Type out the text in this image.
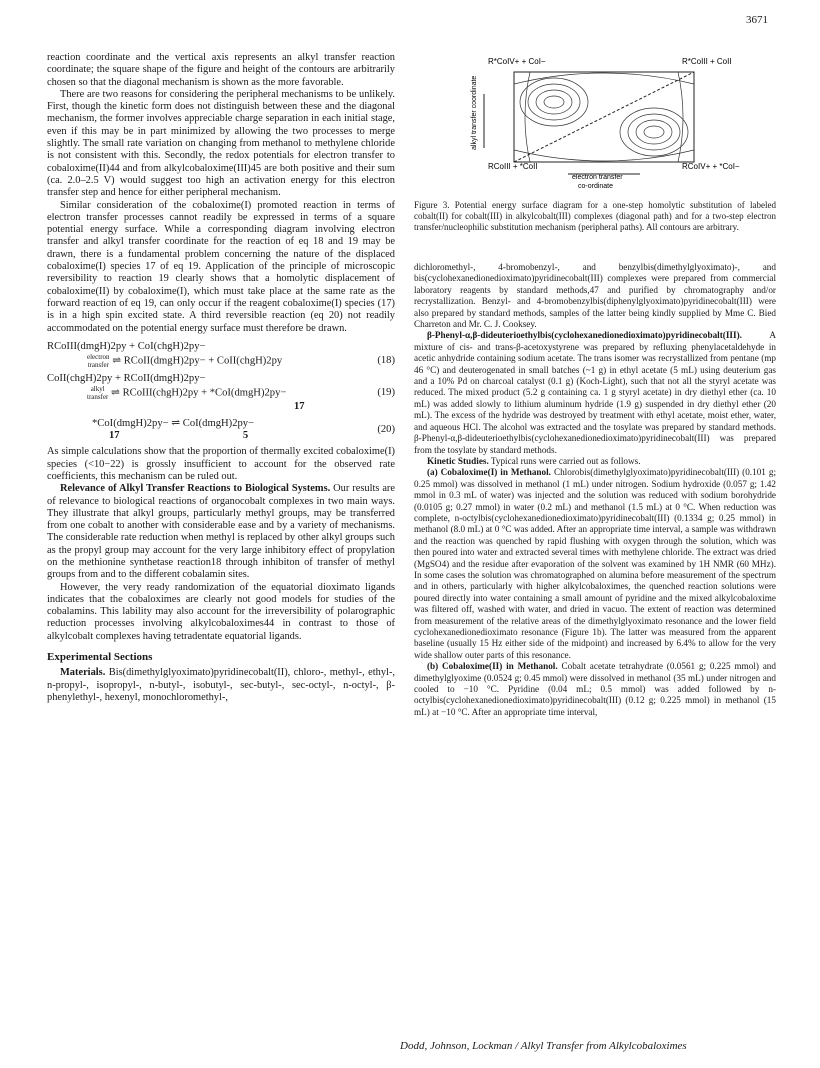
3671

reaction coordinate and the vertical axis represents an alkyl transfer reaction coordinate; the square shape of the figure and height of the contours are arbitrarily chosen so that the diagonal mechanism is shown as the more favorable.

There are two reasons for considering the peripheral mechanisms to be unlikely. First, though the kinetic form does not distinguish between these and the diagonal mechanism, the former involves appreciable charge separation in each initial stage, even if this may be in part minimized by allowing the two processes to merge slightly. The small rate variation on changing from methanol to methylene chloride is not consistent with this. Secondly, the redox potentials for electron transfer to cobaloxime(II)44 and from alkylcobaloxime(III)45 are both positive and their sum (ca. 2.0–2.5 V) would suggest too high an activation energy for this electron transfer step and hence for either peripheral mechanism.

Similar consideration of the cobaloxime(I) promoted reaction in terms of electron transfer processes cannot readily be expressed in terms of a square potential energy surface. While a corresponding diagram involving electron transfer and alkyl transfer coordinate for the reaction of eq 18 and 19 may be drawn, there is a fundamental problem concerning the nature of the displaced cobaloxime(I) species 17 of eq 19. Application of the principle of microscopic reversibility to reaction 19 clearly shows that a homolytic displacement of cobaloxime(II) by cobaloxime(I), which must take place at the same rate as the forward reaction of eq 19, can only occur if the reagent cobaloxime(I) species (17) is in a high spin excited state. A third reversible reaction (eq 20) not readily accommodated on the potential energy surface must therefore be drawn.

RCoIII(dmgH)2py + CoI(chgH)2py−
electron
transfer ⇌ RCoII(dmgH)2py− + CoII(chgH)2py	(18)
CoII(chgH)2py + RCoII(dmgH)2py−
alkyl
transfer ⇌ RCoIII(chgH)2py + *CoI(dmgH)2py−
17
(19)
*CoI(dmgH)2py− ⇌ CoI(dmgH)2py−
17	5
(20)

As simple calculations show that the proportion of thermally excited cobaloxime(I) species (<10−22) is grossly insufficient to account for the observed rate coefficients, this mechanism can be ruled out.

Relevance of Alkyl Transfer Reactions to Biological Systems. Our results are of relevance to biological reactions of organocobalt complexes in two main ways. They illustrate that alkyl groups, particularly methyl groups, may be transferred from one cobalt to another with considerable ease and by a variety of mechanisms. The considerable rate reduction when methyl is replaced by other alkyl groups such as the propyl group may account for the very large inhibitory effect of propylation on the methionine synthetase reaction18 through inhibiton of transfer of methyl groups from and to the different cobalamin sites.

However, the very ready randomization of the equatorial dioximato ligands indicates that the cobaloximes are clearly not good models for studies of the cobalamins. This lability may also account for the irreversibility of polarographic reduction processes involving alkylcobaloximes44 in contrast to those of alkylcobalt complexes having tetradentate equatorial ligands.

Experimental Sections

Materials. Bis(dimethylglyoximato)pyridinecobalt(II), chloro-, methyl-, ethyl-, n-propyl-, isopropyl-, n-butyl-, isobutyl-, sec-butyl-, sec-octyl-, n-octyl-, β-phenylethyl-, hexenyl, monochloromethyl-,

R*CoIV+ + CoI−	R*CoIII + CoII
RCoIII + *CoII	RCoIV+ + *CoI−
alkyl transfer coordinate
electron transfer
co-ordinate
Figure 3. Potential energy surface diagram for a one-step homolytic substitution of labeled cobalt(II) for cobalt(III) in alkylcobalt(III) complexes (diagonal path) and for a two-step electron transfer/nucleophilic substitution mechanism (peripheral paths). All contours are arbitrary.

dichloromethyl-, 4-bromobenzyl-, and benzylbis(dimethylglyoximato)-, and bis(cyclohexanedionedioximato)pyridinecobalt(III) complexes were prepared from commercial laboratory reagents by standard methods,47 and purified by chromatography and/or recrystallization. Benzyl- and 4-bromobenzylbis(diphenylglyoximato)pyridinecobalt(III) were also prepared by standard methods, samples of the latter being kindly supplied by Mme C. Bied Charreton and Mr. C. J. Cooksey.

β-Phenyl-α,β-dideuterioethylbis(cyclohexanedionedioximato)pyridinecobalt(III). A mixture of cis- and trans-β-acetoxystyrene was prepared by refluxing phenylacetaldehyde in acetic anhydride containing sodium acetate. The trans isomer was recrystallized from pentane (mp 46 °C) and deuterogenated in small batches (~1 g) in ethyl acetate (5 mL) using deuterium gas and a 10% Pd on charcoal catalyst (0.1 g) (Koch-Light), such that not all the styryl acetate was reduced. The mixed product (5.2 g containing ca. 1 g styryl acetate) in dry diethyl ether (ca. 10 mL) was added slowly to lithium aluminum hydride (1.9 g) suspended in dry diethyl ether (20 mL). The excess of the hydride was destroyed by treatment with ethyl acetate, moist ether, water, and aqueous HCl. The alcohol was extracted and the tosylate was prepared by standard methods. β-Phenyl-α,β-dideuterioethylbis(cyclohexanedionedioximato)pyridinecobalt(III) was prepared from the tosylate by standard methods.

Kinetic Studies. Typical runs were carried out as follows.

(a) Cobaloxime(I) in Methanol. Chlorobis(dimethylglyoximato)pyridinecobalt(III) (0.101 g; 0.25 mmol) was dissolved in methanol (1 mL) under nitrogen. Sodium hydroxide (0.057 g; 1.42 mmol in 0.3 mL of water) was injected and the solution was reduced with sodium borohydride (0.0105 g; 0.27 mmol) in water (0.2 mL) and methanol (1.5 mL) at 0 °C. When reduction was complete, n-octylbis(cyclohexanedionedioximato)pyridinecobalt(III) (0.1334 g; 0.25 mmol) in methanol (8.0 mL) at 0 °C was added. After an appropriate time interval, a sample was withdrawn and the reaction was quenched by rapid flushing with oxygen through the solution, which was then poured into water and extracted several times with methylene chloride. The extract was dried (MgSO4) and the residue after evaporation of the solvent was examined by 1H NMR (60 MHz). In some cases the solution was chromatographed on alumina before measurement of the spectrum and in others, particularly with higher alkylcobaloximes, the quenched reaction solutions were poured directly into water containing a small amount of pyridine and the mixed alkylcobaloxime was filtered off, washed with water, and dried in vacuo. The extent of reaction was determined from measurement of the relative areas of the dimethylglyoximato resonance and the lower field cyclohexanedionedioximato resonance (Figure 1b). The latter was measured from the apparent baseline (usually 15 Hz either side of the midpoint) and increased by 6.4% to allow for the very wide shallow outer parts of this resonance.

(b) Cobaloxime(II) in Methanol. Cobalt acetate tetrahydrate (0.0561 g; 0.225 mmol) and dimethylglyoxime (0.0524 g; 0.45 mmol) were dissolved in methanol (35 mL) under nitrogen and cooled to −10 °C. Pyridine (0.04 mL; 0.5 mmol) was added followed by n-octylbis(cyclohexanedionedioximato)pyridinecobalt(III) (0.12 g; 0.225 mmol) in methanol (15 mL) at −10 °C. After an appropriate time interval,

Dodd, Johnson, Lockman / Alkyl Transfer from Alkylcobaloximes
